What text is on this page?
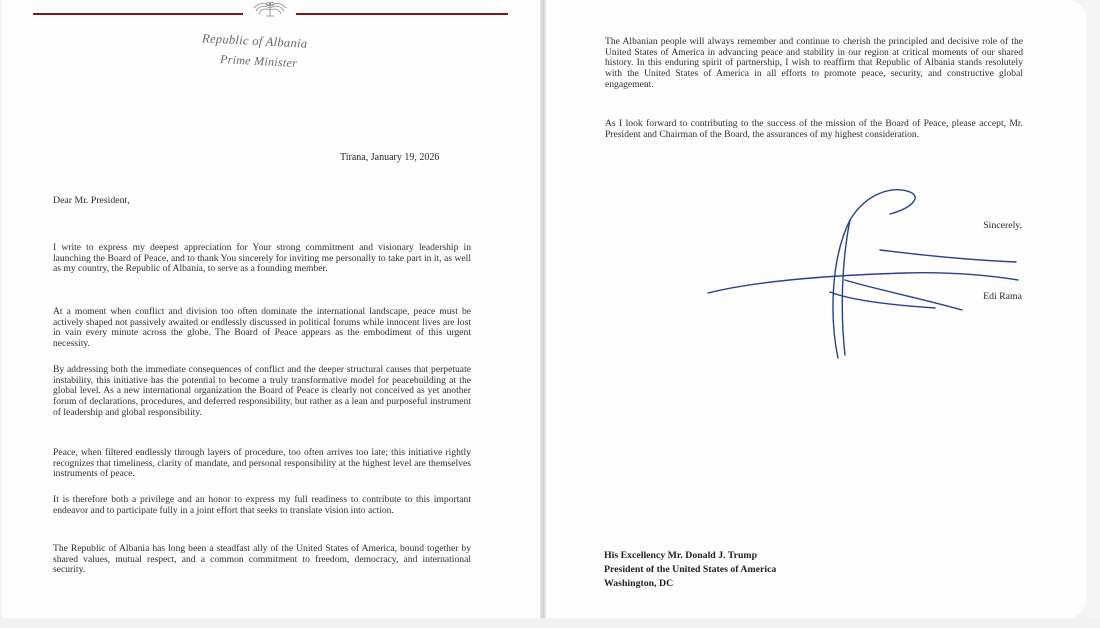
Republic of Albania
Prime Minister
Tirana, January 19, 2026
Dear Mr. President,

I write to express my deepest appreciation for Your strong commitment and visionary leadership in launching the Board of Peace, and to thank You sincerely for inviting me personally to take part in it, as well as my country, the Republic of Albania, to serve as a founding member.

At a moment when conflict and division too often dominate the international landscape, peace must be actively shaped not passively awaited or endlessly discussed in political forums while innocent lives are lost in vain every minute across the globe. The Board of Peace appears as the embodiment of this urgent necessity.

By addressing both the immediate consequences of conflict and the deeper structural causes that perpetuate instability, this initiative has the potential to become a truly transformative model for peacebuilding at the global level. As a new international organization the Board of Peace is clearly not conceived as yet another forum of declarations, procedures, and deferred responsibility, but rather as a lean and purposeful instrument of leadership and global responsibility.

Peace, when filtered endlessly through layers of procedure, too often arrives too late; this initiative rightly recognizes that timeliness, clarity of mandate, and personal responsibility at the highest level are themselves instruments of peace.

It is therefore both a privilege and an honor to express my full readiness to contribute to this important endeavor and to participate fully in a joint effort that seeks to translate vision into action.

The Republic of Albania has long been a steadfast ally of the United States of America, bound together by shared values, mutual respect, and a common commitment to freedom, democracy, and international security.

The Albanian people will always remember and continue to cherish the principled and decisive role of the United States of America in advancing peace and stability in our region at critical moments of our shared history. In this enduring spirit of partnership, I wish to reaffirm that Republic of Albania stands resolutely with the United States of America in all efforts to promote peace, security, and constructive global engagement.

As I look forward to contributing to the success of the mission of the Board of Peace, please accept, Mr. President and Chairman of the Board, the assurances of my highest consideration.

Sincerely,
Edi Rama
His Excellency Mr. Donald J. Trump
President of the United States of America
Washington, DC
